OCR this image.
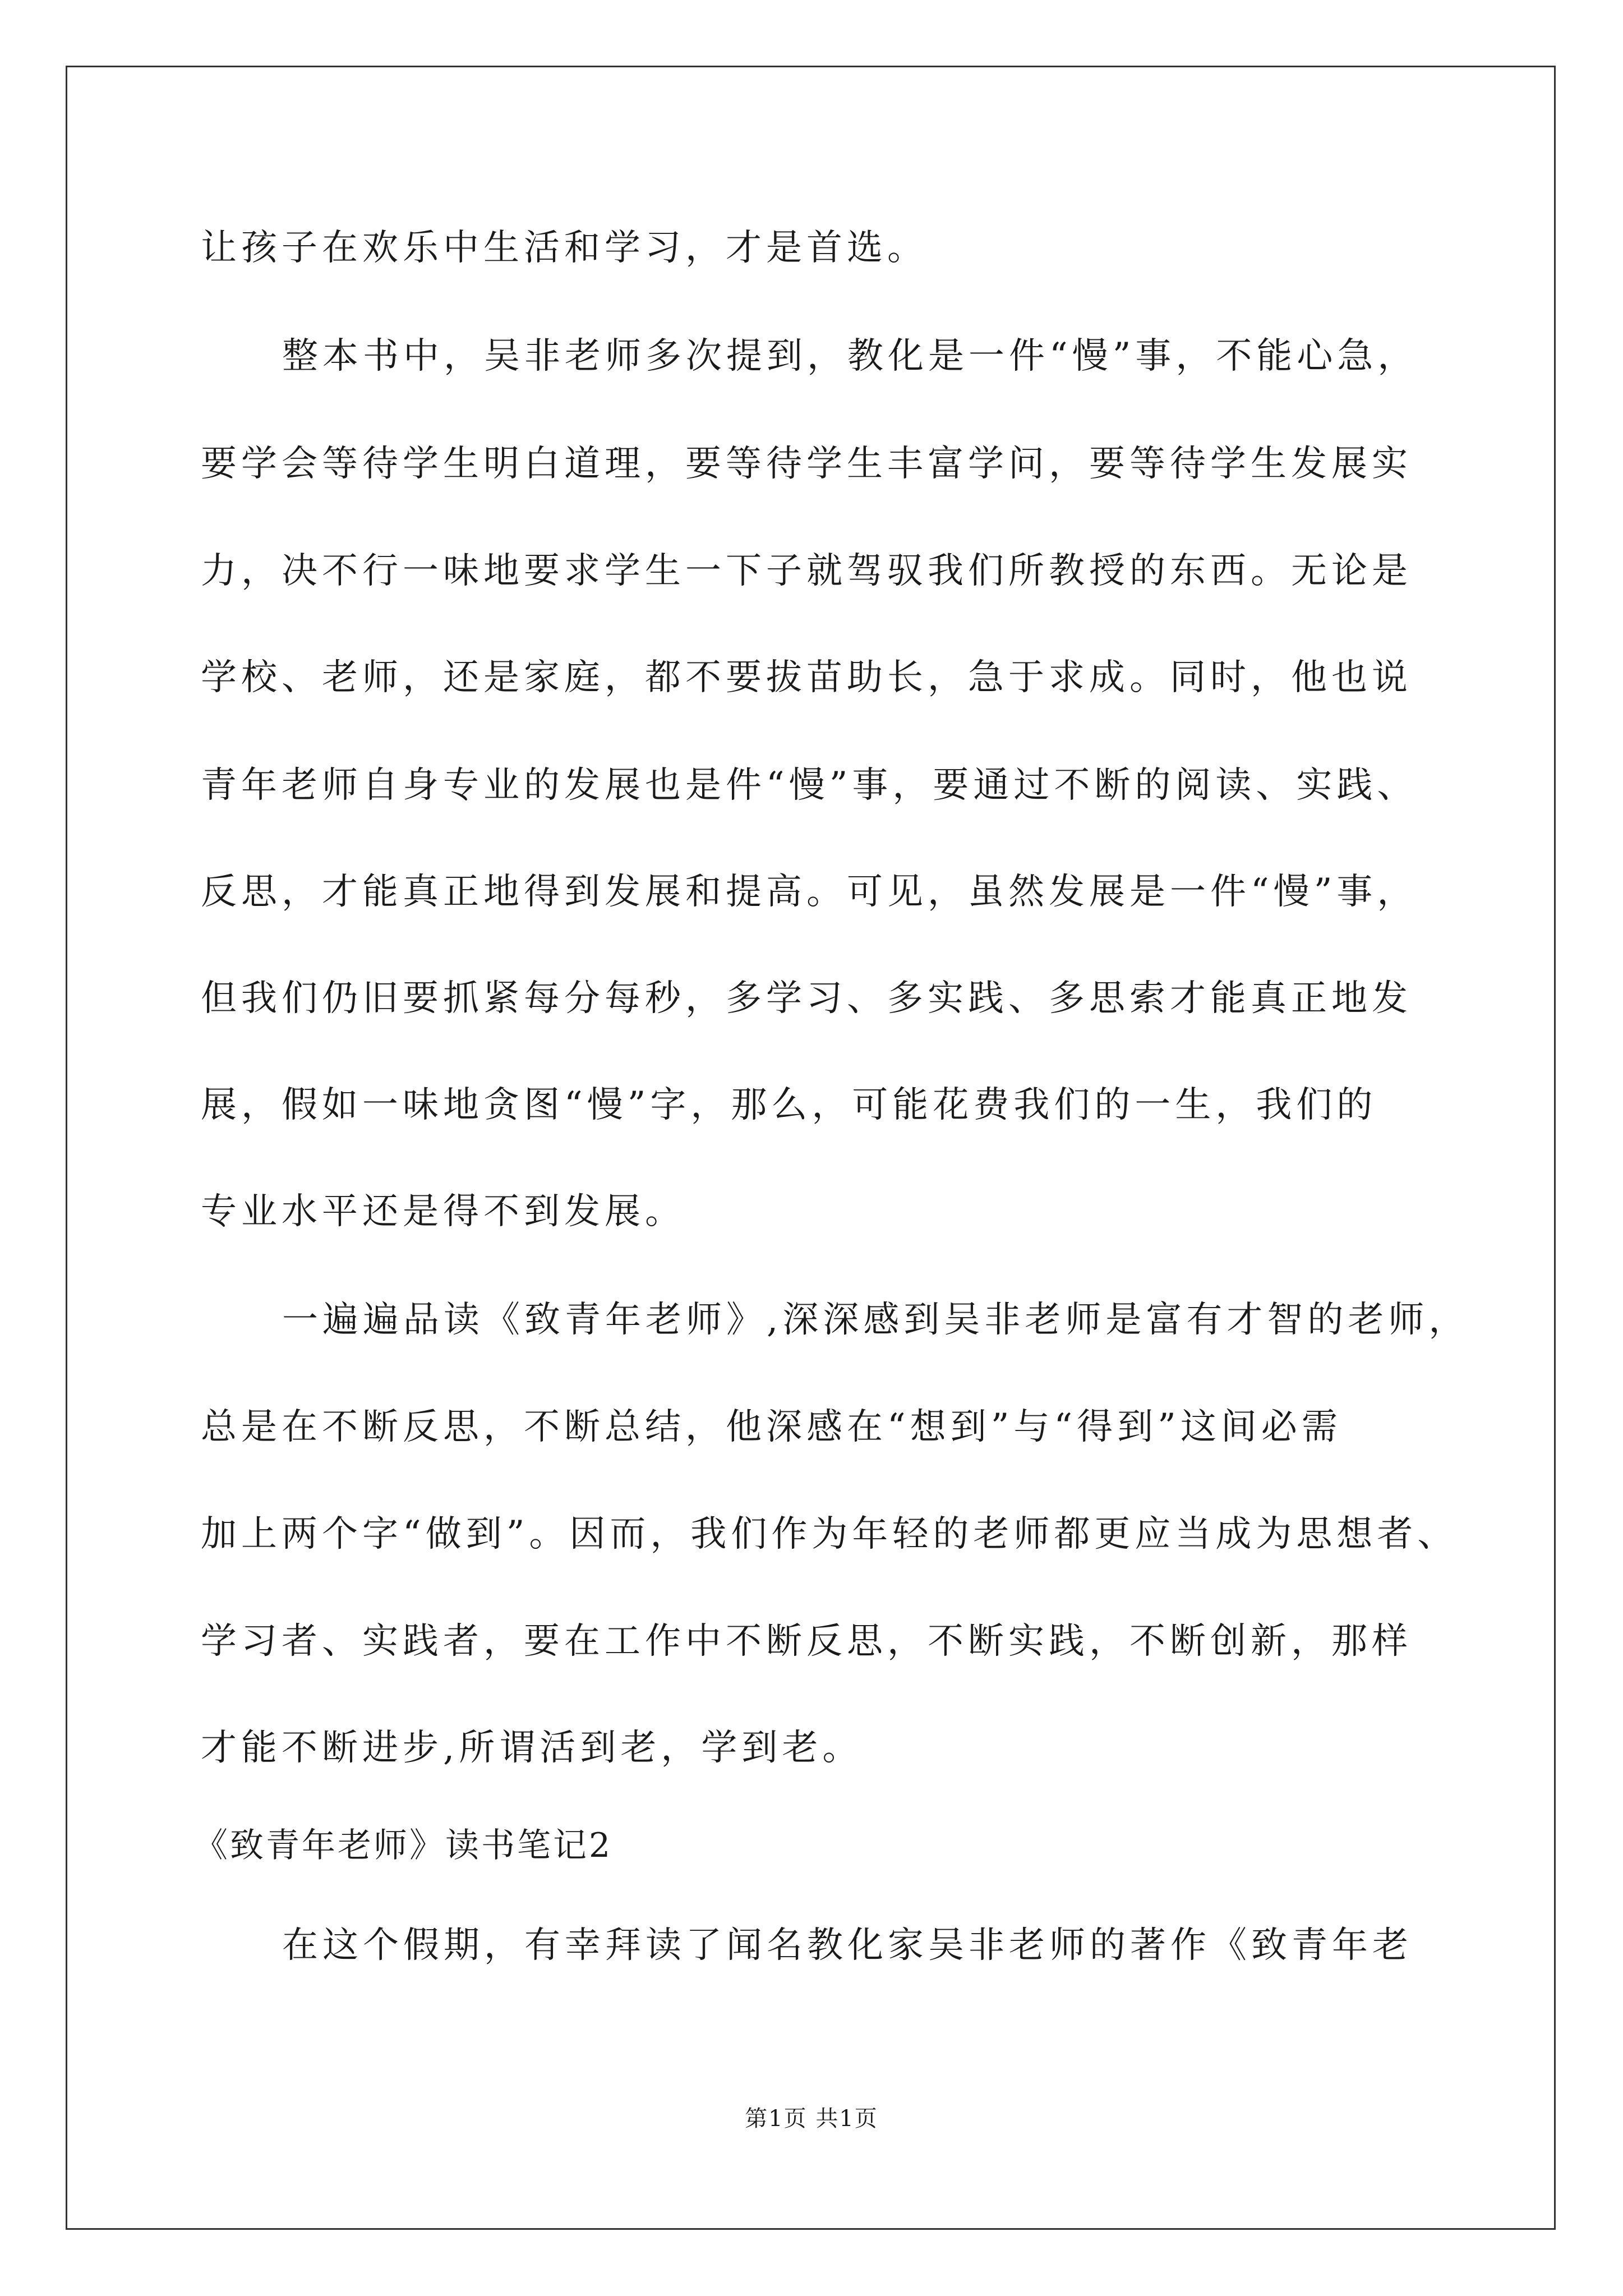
让孩子在欢乐中生活和学习，才是首选。
整本书中，吴非老师多次提到，教化是一件“慢”事，不能心急，
要学会等待学生明白道理，要等待学生丰富学问，要等待学生发展实
力，决不行一味地要求学生一下子就驾驭我们所教授的东西。无论是
学校、老师，还是家庭，都不要拔苗助长，急于求成。同时，他也说
青年老师自身专业的发展也是件“慢”事，要通过不断的阅读、实践、
反思，才能真正地得到发展和提高。可见，虽然发展是一件“慢”事，
但我们仍旧要抓紧每分每秒，多学习、多实践、多思索才能真正地发
展，假如一味地贪图“慢”字，那么，可能花费我们的一生，我们的
专业水平还是得不到发展。
一遍遍品读《致青年老师》,深深感到吴非老师是富有才智的老师，
总是在不断反思，不断总结，他深感在“想到”与“得到”这间必需
加上两个字“做到”。因而，我们作为年轻的老师都更应当成为思想者、
学习者、实践者，要在工作中不断反思，不断实践，不断创新，那样
才能不断进步,所谓活到老，学到老。
《致青年老师》读书笔记2
在这个假期，有幸拜读了闻名教化家吴非老师的著作《致青年老
第1页 共1页
